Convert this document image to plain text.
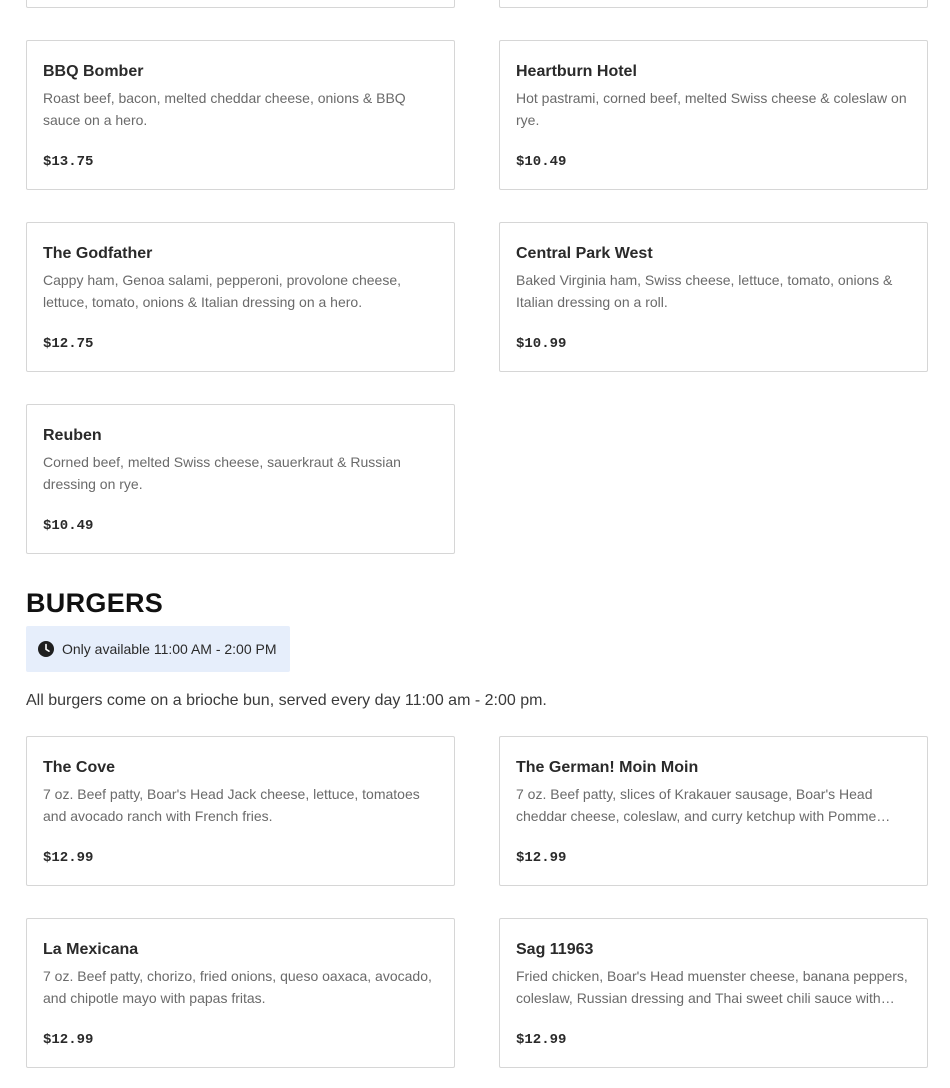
BBQ Bomber
Roast beef, bacon, melted cheddar cheese, onions & BBQ sauce on a hero.
$13.75
Heartburn Hotel
Hot pastrami, corned beef, melted Swiss cheese & coleslaw on rye.
$10.49
The Godfather
Cappy ham, Genoa salami, pepperoni, provolone cheese, lettuce, tomato, onions & Italian dressing on a hero.
$12.75
Central Park West
Baked Virginia ham, Swiss cheese, lettuce, tomato, onions & Italian dressing on a roll.
$10.99
Reuben
Corned beef, melted Swiss cheese, sauerkraut & Russian dressing on rye.
$10.49
BURGERS
Only available 11:00 AM - 2:00 PM

All burgers come on a brioche bun, served every day 11:00 am - 2:00 pm.

The Cove
7 oz. Beef patty, Boar's Head Jack cheese, lettuce, tomatoes and avocado ranch with French fries.
$12.99
The German! Moin Moin
7 oz. Beef patty, slices of Krakauer sausage, Boar's Head cheddar cheese, coleslaw, and curry ketchup with Pomme…
$12.99
La Mexicana
7 oz. Beef patty, chorizo, fried onions, queso oaxaca, avocado, and chipotle mayo with papas fritas.
$12.99
Sag 11963
Fried chicken, Boar's Head muenster cheese, banana peppers, coleslaw, Russian dressing and Thai sweet chili sauce with…
$12.99
